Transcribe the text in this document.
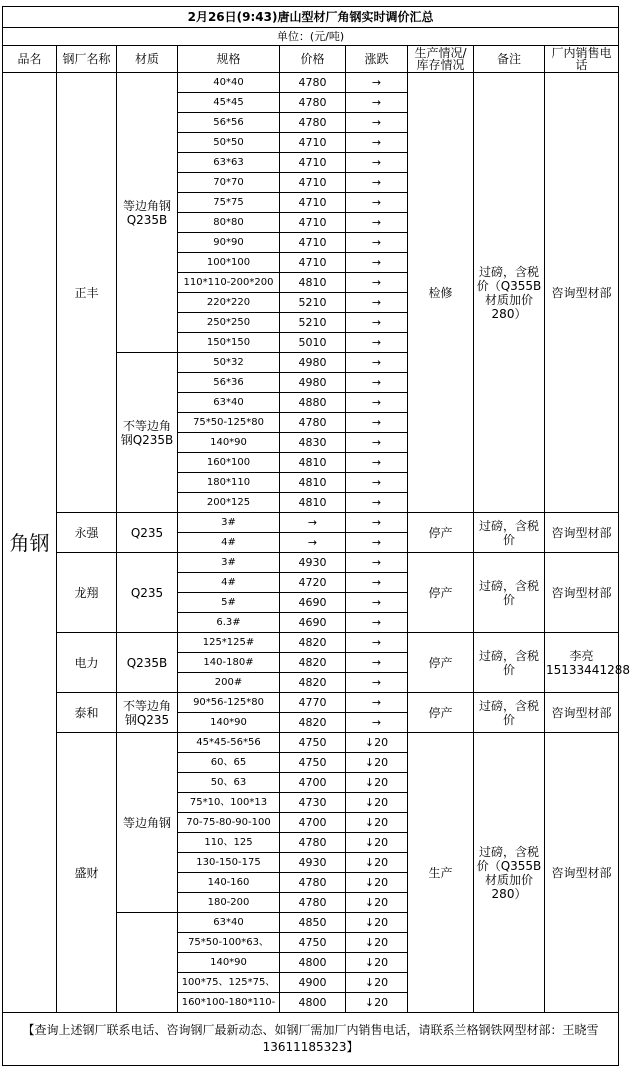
2月26日(9:43)唐山型材厂角钢实时调价汇总								
单位：(元/吨)								
品名	钢厂名称	材质	规格	价格	涨跌	生产情况/库存情况	备注	厂内销售电话
角钢	正丰	等边角钢Q235B	40*40	4780	→	检修	过磅，含税价（Q355B材质加价280）	咨询型材部
			45*45	4780	→			
			56*56	4780	→			
			50*50	4710	→			
			63*63	4710	→			
			70*70	4710	→			
			75*75	4710	→			
			80*80	4710	→			
			90*90	4710	→			
			100*100	4710	→			
			110*110-200*200	4810	→			
			220*220	5210	→			
			250*250	5210	→			
			150*150	5010	→			
		不等边角钢Q235B	50*32	4980	→			
			56*36	4980	→			
			63*40	4880	→			
			75*50-125*80	4780	→			
			140*90	4830	→			
			160*100	4810	→			
			180*110	4810	→			
			200*125	4810	→			
	永强	Q235	3#	→	→	停产	过磅，含税价	咨询型材部
			4#	→	→			
	龙翔	Q235	3#	4930	→	停产	过磅，含税价	咨询型材部
			4#	4720	→			
			5#	4690	→			
			6.3#	4690	→			
	电力	Q235B	125*125#	4820	→	停产	过磅，含税价	李亮15133441288
			140-180#	4820	→			
			200#	4820	→			
	泰和	不等边角钢Q235	90*56-125*80	4770	→	停产	过磅，含税价	咨询型材部
			140*90	4820	→			
	盛财	等边角钢	45*45-56*56	4750	↓20	生产	过磅，含税价（Q355B材质加价280）	咨询型材部
			60、65	4750	↓20			
			50、63	4700	↓20			
			75*10、100*13	4730	↓20			
			70-75-80-90-100	4700	↓20			
			110、125	4780	↓20			
			130-150-175	4930	↓20			
			140-160	4780	↓20			
			180-200	4780	↓20			
			63*40	4850	↓20			
			75*50-100*63、	4750	↓20			
			140*90	4800	↓20			
			100*75、125*75、	4900	↓20			
			160*100-180*110-	4800	↓20			
【查询上述钢厂联系电话、咨询钢厂最新动态、如钢厂需加厂内销售电话，请联系兰格钢铁网型材部：王晓雪13611185323】								
